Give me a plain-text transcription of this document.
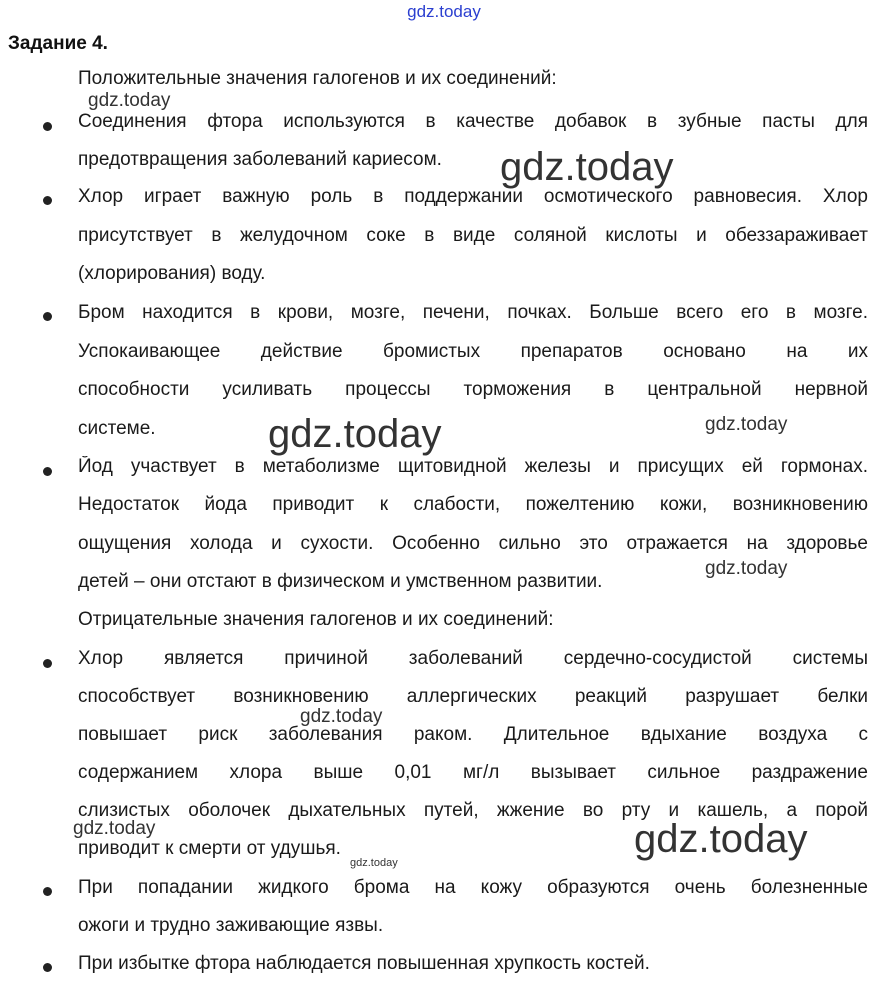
gdz.today
Задание 4.
Положительные значения галогенов и их соединений:
Соединения фтора используются в качестве добавок в зубные пасты для
предотвращения заболеваний кариесом.
Хлор играет важную роль в поддержании осмотического равновесия. Хлор
присутствует в желудочном соке в виде соляной кислоты и обеззараживает
(хлорирования) воду.
Бром находится в крови, мозге, печени, почках. Больше всего его в мозге.
Успокаивающее действие бромистых препаратов основано на их
способности усиливать процессы торможения в центральной нервной
системе.
Йод участвует в метаболизме щитовидной железы и присущих ей гормонах.
Недостаток йода приводит к слабости, пожелтению кожи, возникновению
ощущения холода и сухости. Особенно сильно это отражается на здоровье
детей – они отстают в физическом и умственном развитии.
Отрицательные значения галогенов и их соединений:
Хлор является причиной заболеваний сердечно-сосудистой системы
способствует возникновению аллергических реакций разрушает белки
повышает риск заболевания раком. Длительное вдыхание воздуха с
содержанием хлора выше 0,01 мг/л вызывает сильное раздражение
слизистых оболочек дыхательных путей, жжение во рту и кашель, а порой
приводит к смерти от удушья.
При попадании жидкого брома на кожу образуются очень болезненные
ожоги и трудно заживающие язвы.
При избытке фтора наблюдается повышенная хрупкость костей.
gdz.today
gdz.today
gdz.today	gdz.today
gdz.today
gdz.today
gdz.today	gdz.today
gdz.today
